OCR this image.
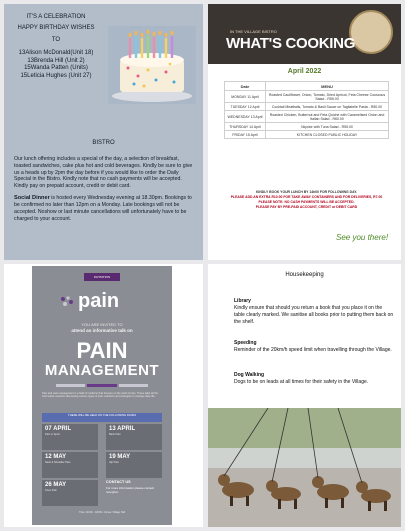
IT'S A CELEBRATION
HAPPY BIRTHDAY WISHES
TO
13Alison McDonald(Unit 18)
13Brenda Hill (Unit 2)
15Wanda Patten (Units)
15Leticia Hughes (Unit 27)
BISTRO

Our lunch offering includes a special of the day, a selection of breakfast, toasted sandwiches, cake plus hot and cold beverages. Kindly be sure to give us a heads up by 2pm the day before if you would like to order the Daily Special in the Bistro. Kindly note that no cash payments will be accepted. Kindly pay on prepaid account, credit or debit card.

Social Dinner is hosted every Wednesday evening at 18.30pm. Bookings to be confirmed no later than 12pm on a Monday. Late bookings will not be accepted. Noshow or last minute cancellations will unfortunately have to be charged to your account.

IN THE VILLAGE BISTRO
WHAT'S COOKING
April 2022
Date	MENU
MONDAY 11 April	Roasted Cauliflower, Onion, Tomato, Dried Apricot, Feta Cheese Couscous Salad - R55.00
TUESDAY 12 April	Cocktail Meatballs, Tomato & Basil Sauce on Tagliatelle Pasta - R80.00
WEDNESDAY 13 April	Roasted Chicken, Butternut and Feta Quiche with Caramelised Onion and Italian Salad - R60.00
THURSDAY 14 April	Niçoise with Tuna Salad - R55.00
FRIDAY 15 April	KITCHEN CLOSED PUBLIC HOLIDAY
KINDLY BOOK YOUR LUNCH BY 14h00 FOR FOLLOWING DAY.
PLEASE ADD AN EXTRA R10.00 FOR TAKE AWAY CONTAINERS AND FOR DELIVERIES, R7.00
PLEASE NOTE: NO CASH PAYMENTS WILL BE ACCEPTED.
PLEASE PAY BY PRE-PAID ACCOUNT, CREDIT or DEBIT CARD
See you there!
INVITATION
pain
YOU ARE INVITED TO
attend an informative talk on
PAIN
MANAGEMENT
Pain and pain management is a field of medicine that focuses on the relief of pain. These talks will be informative sessions discussing various types of pain, solutions and strategies to manage daily life.
THESE WILL BE HELD ON THE FOLLOWING DATES
07 APRIL
Pain in Sport
13 APRIL
Back Pain
12 MAY
Neck & Shoulder Pain
19 MAY
Hip Pain
26 MAY
Knee Pain
CONTACT US
For more information please contact reception
Time: 11h00 - 12h00 • Venue: Village Hall
Housekeeping
Library
Kindly ensure that should you return a book that you place it on the table clearly marked. We sanitise all books prior to putting them back on the shelf.
Speeding
Reminder of the 20km/h speed limit when travelling through the Village.
Dog Walking
Dogs to be on leads at all times for their safety in the Village.
